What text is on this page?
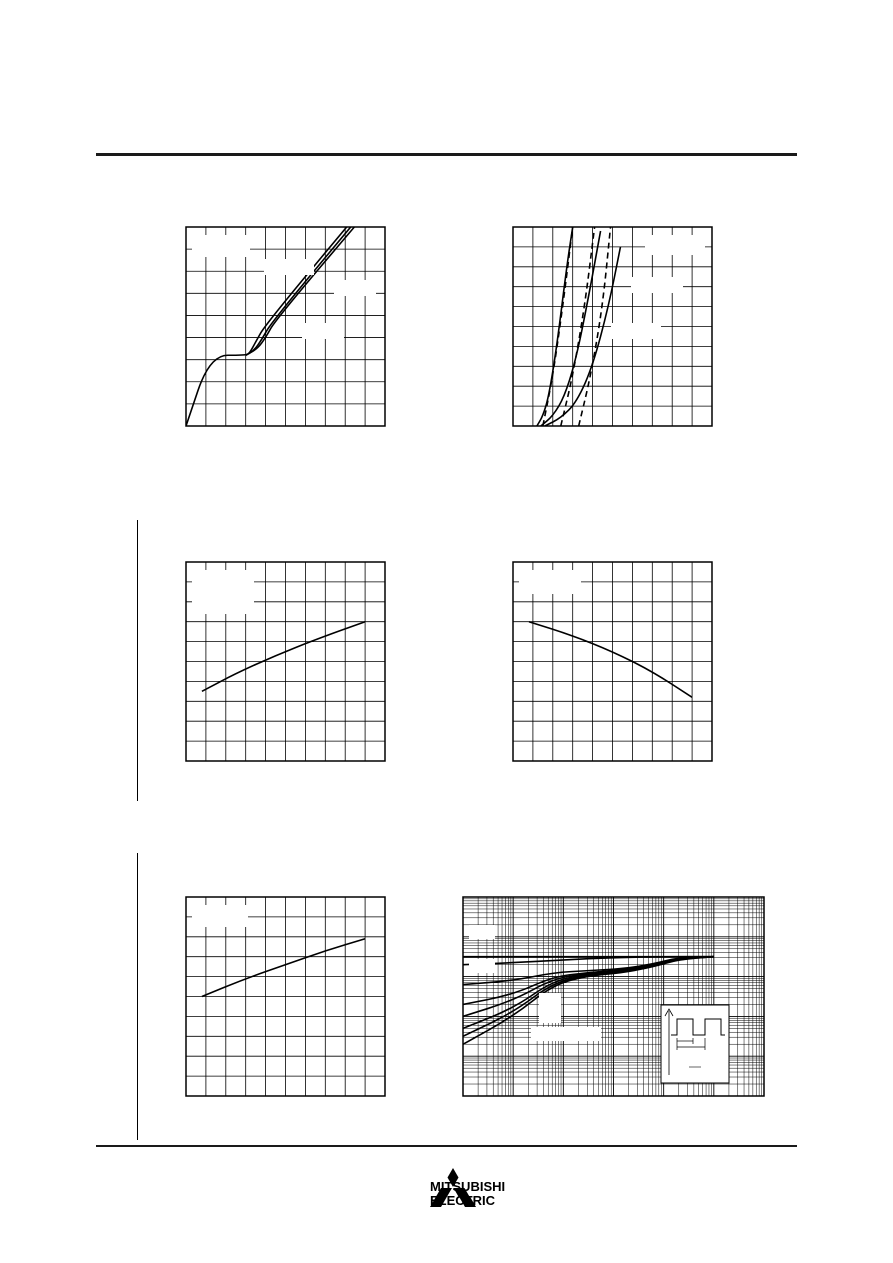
MITSUBISHI
ELECTRIC
